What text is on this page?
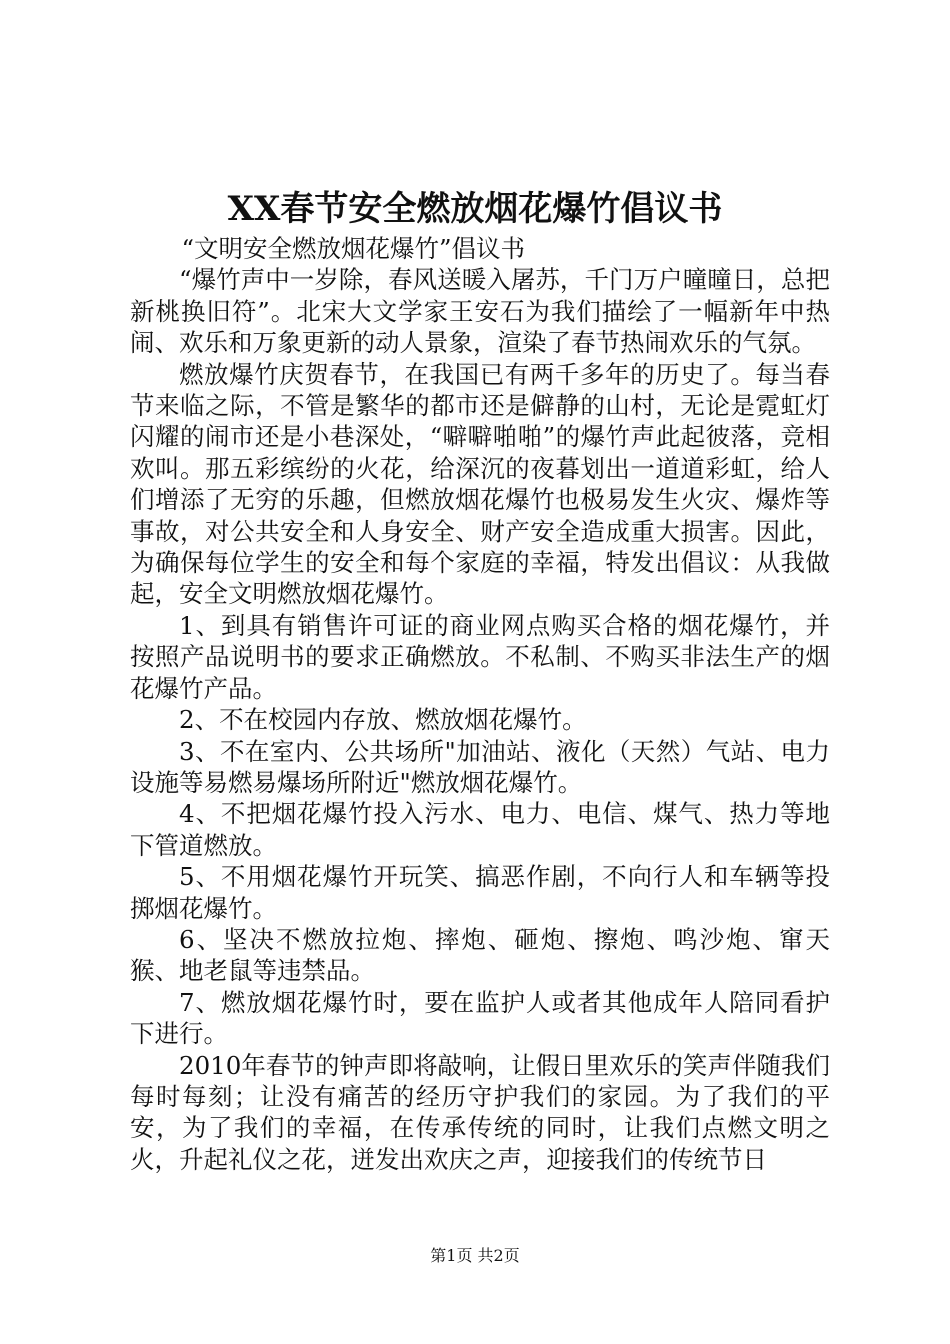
XX春节安全燃放烟花爆竹倡议书

“文明安全燃放烟花爆竹”倡议书

“爆竹声中一岁除，春风送暖入屠苏，千门万户曈曈日，总把新桃换旧符”。北宋大文学家王安石为我们描绘了一幅新年中热闹、欢乐和万象更新的动人景象，渲染了春节热闹欢乐的气氛。

燃放爆竹庆贺春节，在我国已有两千多年的历史了。每当春节来临之际，不管是繁华的都市还是僻静的山村，无论是霓虹灯闪耀的闹市还是小巷深处，“噼噼啪啪”的爆竹声此起彼落，竞相欢叫。那五彩缤纷的火花，给深沉的夜暮划出一道道彩虹，给人们增添了无穷的乐趣，但燃放烟花爆竹也极易发生火灾、爆炸等事故，对公共安全和人身安全、财产安全造成重大损害。因此，为确保每位学生的安全和每个家庭的幸福，特发出倡议：从我做起，安全文明燃放烟花爆竹。

1、到具有销售许可证的商业网点购买合格的烟花爆竹，并按照产品说明书的要求正确燃放。不私制、不购买非法生产的烟花爆竹产品。

2、不在校园内存放、燃放烟花爆竹。

3、不在室内、公共场所"加油站、液化（天然）气站、电力设施等易燃易爆场所附近"燃放烟花爆竹。

4、不把烟花爆竹投入污水、电力、电信、煤气、热力等地下管道燃放。

5、不用烟花爆竹开玩笑、搞恶作剧，不向行人和车辆等投掷烟花爆竹。

6、坚决不燃放拉炮、摔炮、砸炮、擦炮、鸣沙炮、窜天猴、地老鼠等违禁品。

7、燃放烟花爆竹时，要在监护人或者其他成年人陪同看护下进行。

2010年春节的钟声即将敲响，让假日里欢乐的笑声伴随我们每时每刻；让没有痛苦的经历守护我们的家园。为了我们的平安，为了我们的幸福，在传承传统的同时，让我们点燃文明之火，升起礼仪之花，迸发出欢庆之声，迎接我们的传统节日

第1页 共2页
